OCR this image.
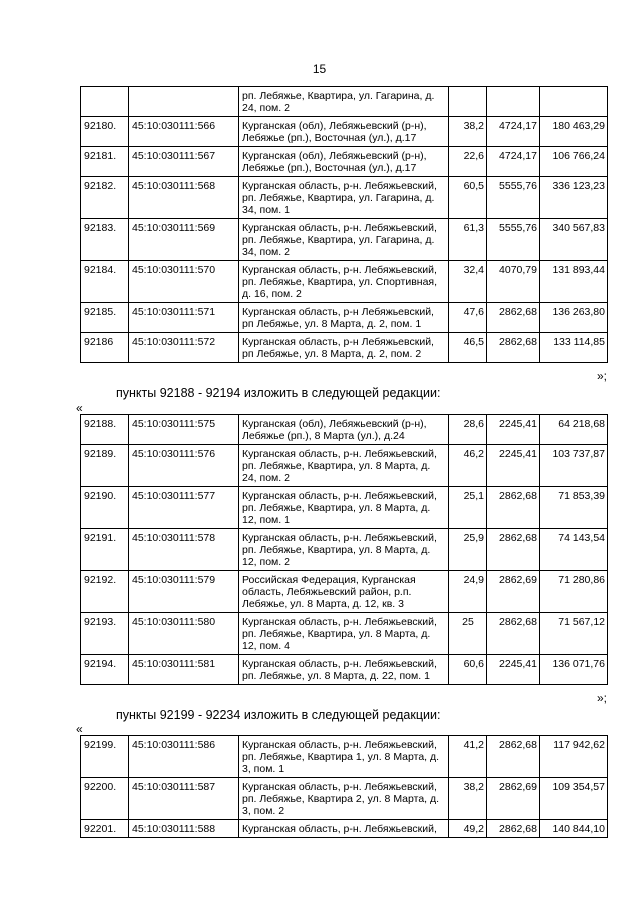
15
		рп. Лебяжье, Квартира, ул. Гагарина, д. 24, пом. 2			
92180.	45:10:030111:566	Курганская (обл), Лебяжьевский (р-н), Лебяжье (рп.), Восточная (ул.), д.17	38,2	4724,17	180 463,29
92181.	45:10:030111:567	Курганская (обл), Лебяжьевский (р-н), Лебяжье (рп.), Восточная (ул.), д.17	22,6	4724,17	106 766,24
92182.	45:10:030111:568	Курганская область, р-н. Лебяжьевский, рп. Лебяжье, Квартира, ул. Гагарина, д. 34, пом. 1	60,5	5555,76	336 123,23
92183.	45:10:030111:569	Курганская область, р-н. Лебяжьевский, рп. Лебяжье, Квартира, ул. Гагарина, д. 34, пом. 2	61,3	5555,76	340 567,83
92184.	45:10:030111:570	Курганская область, р-н. Лебяжьевский, рп. Лебяжье, Квартира, ул. Спортивная, д. 16, пом. 2	32,4	4070,79	131 893,44
92185.	45:10:030111:571	Курганская область, р-н Лебяжьевский, рп Лебяжье, ул. 8 Марта, д. 2, пом. 1	47,6	2862,68	136 263,80
92186	45:10:030111:572	Курганская область, р-н Лебяжьевский, рп Лебяжье, ул. 8 Марта, д. 2, пом. 2	46,5	2862,68	133 114,85
»;
пункты 92188 - 92194 изложить в следующей редакции:
«
92188.	45:10:030111:575	Курганская (обл), Лебяжьевский (р-н), Лебяжье (рп.), 8 Марта (ул.), д.24	28,6	2245,41	64 218,68
92189.	45:10:030111:576	Курганская область, р-н. Лебяжьевский, рп. Лебяжье, Квартира, ул. 8 Марта, д. 24, пом. 2	46,2	2245,41	103 737,87
92190.	45:10:030111:577	Курганская область, р-н. Лебяжьевский, рп. Лебяжье, Квартира, ул. 8 Марта, д. 12, пом. 1	25,1	2862,68	71 853,39
92191.	45:10:030111:578	Курганская область, р-н. Лебяжьевский, рп. Лебяжье, Квартира, ул. 8 Марта, д. 12, пом. 2	25,9	2862,68	74 143,54
92192.	45:10:030111:579	Российская Федерация, Курганская область, Лебяжьевский район, р.п. Лебяжье, ул. 8 Марта, д. 12, кв. 3	24,9	2862,69	71 280,86
92193.	45:10:030111:580	Курганская область, р-н. Лебяжьевский, рп. Лебяжье, Квартира, ул. 8 Марта, д. 12, пом. 4	25	2862,68	71 567,12
92194.	45:10:030111:581	Курганская область, р-н. Лебяжьевский, рп. Лебяжье, ул. 8 Марта, д. 22, пом. 1	60,6	2245,41	136 071,76
»;
пункты 92199 - 92234 изложить в следующей редакции:
«
92199.	45:10:030111:586	Курганская область, р-н. Лебяжьевский, рп. Лебяжье, Квартира 1, ул. 8 Марта, д. 3, пом. 1	41,2	2862,68	117 942,62
92200.	45:10:030111:587	Курганская область, р-н. Лебяжьевский, рп. Лебяжье, Квартира 2, ул. 8 Марта, д. 3, пом. 2	38,2	2862,69	109 354,57
92201.	45:10:030111:588	Курганская область, р-н. Лебяжьевский,	49,2	2862,68	140 844,10
